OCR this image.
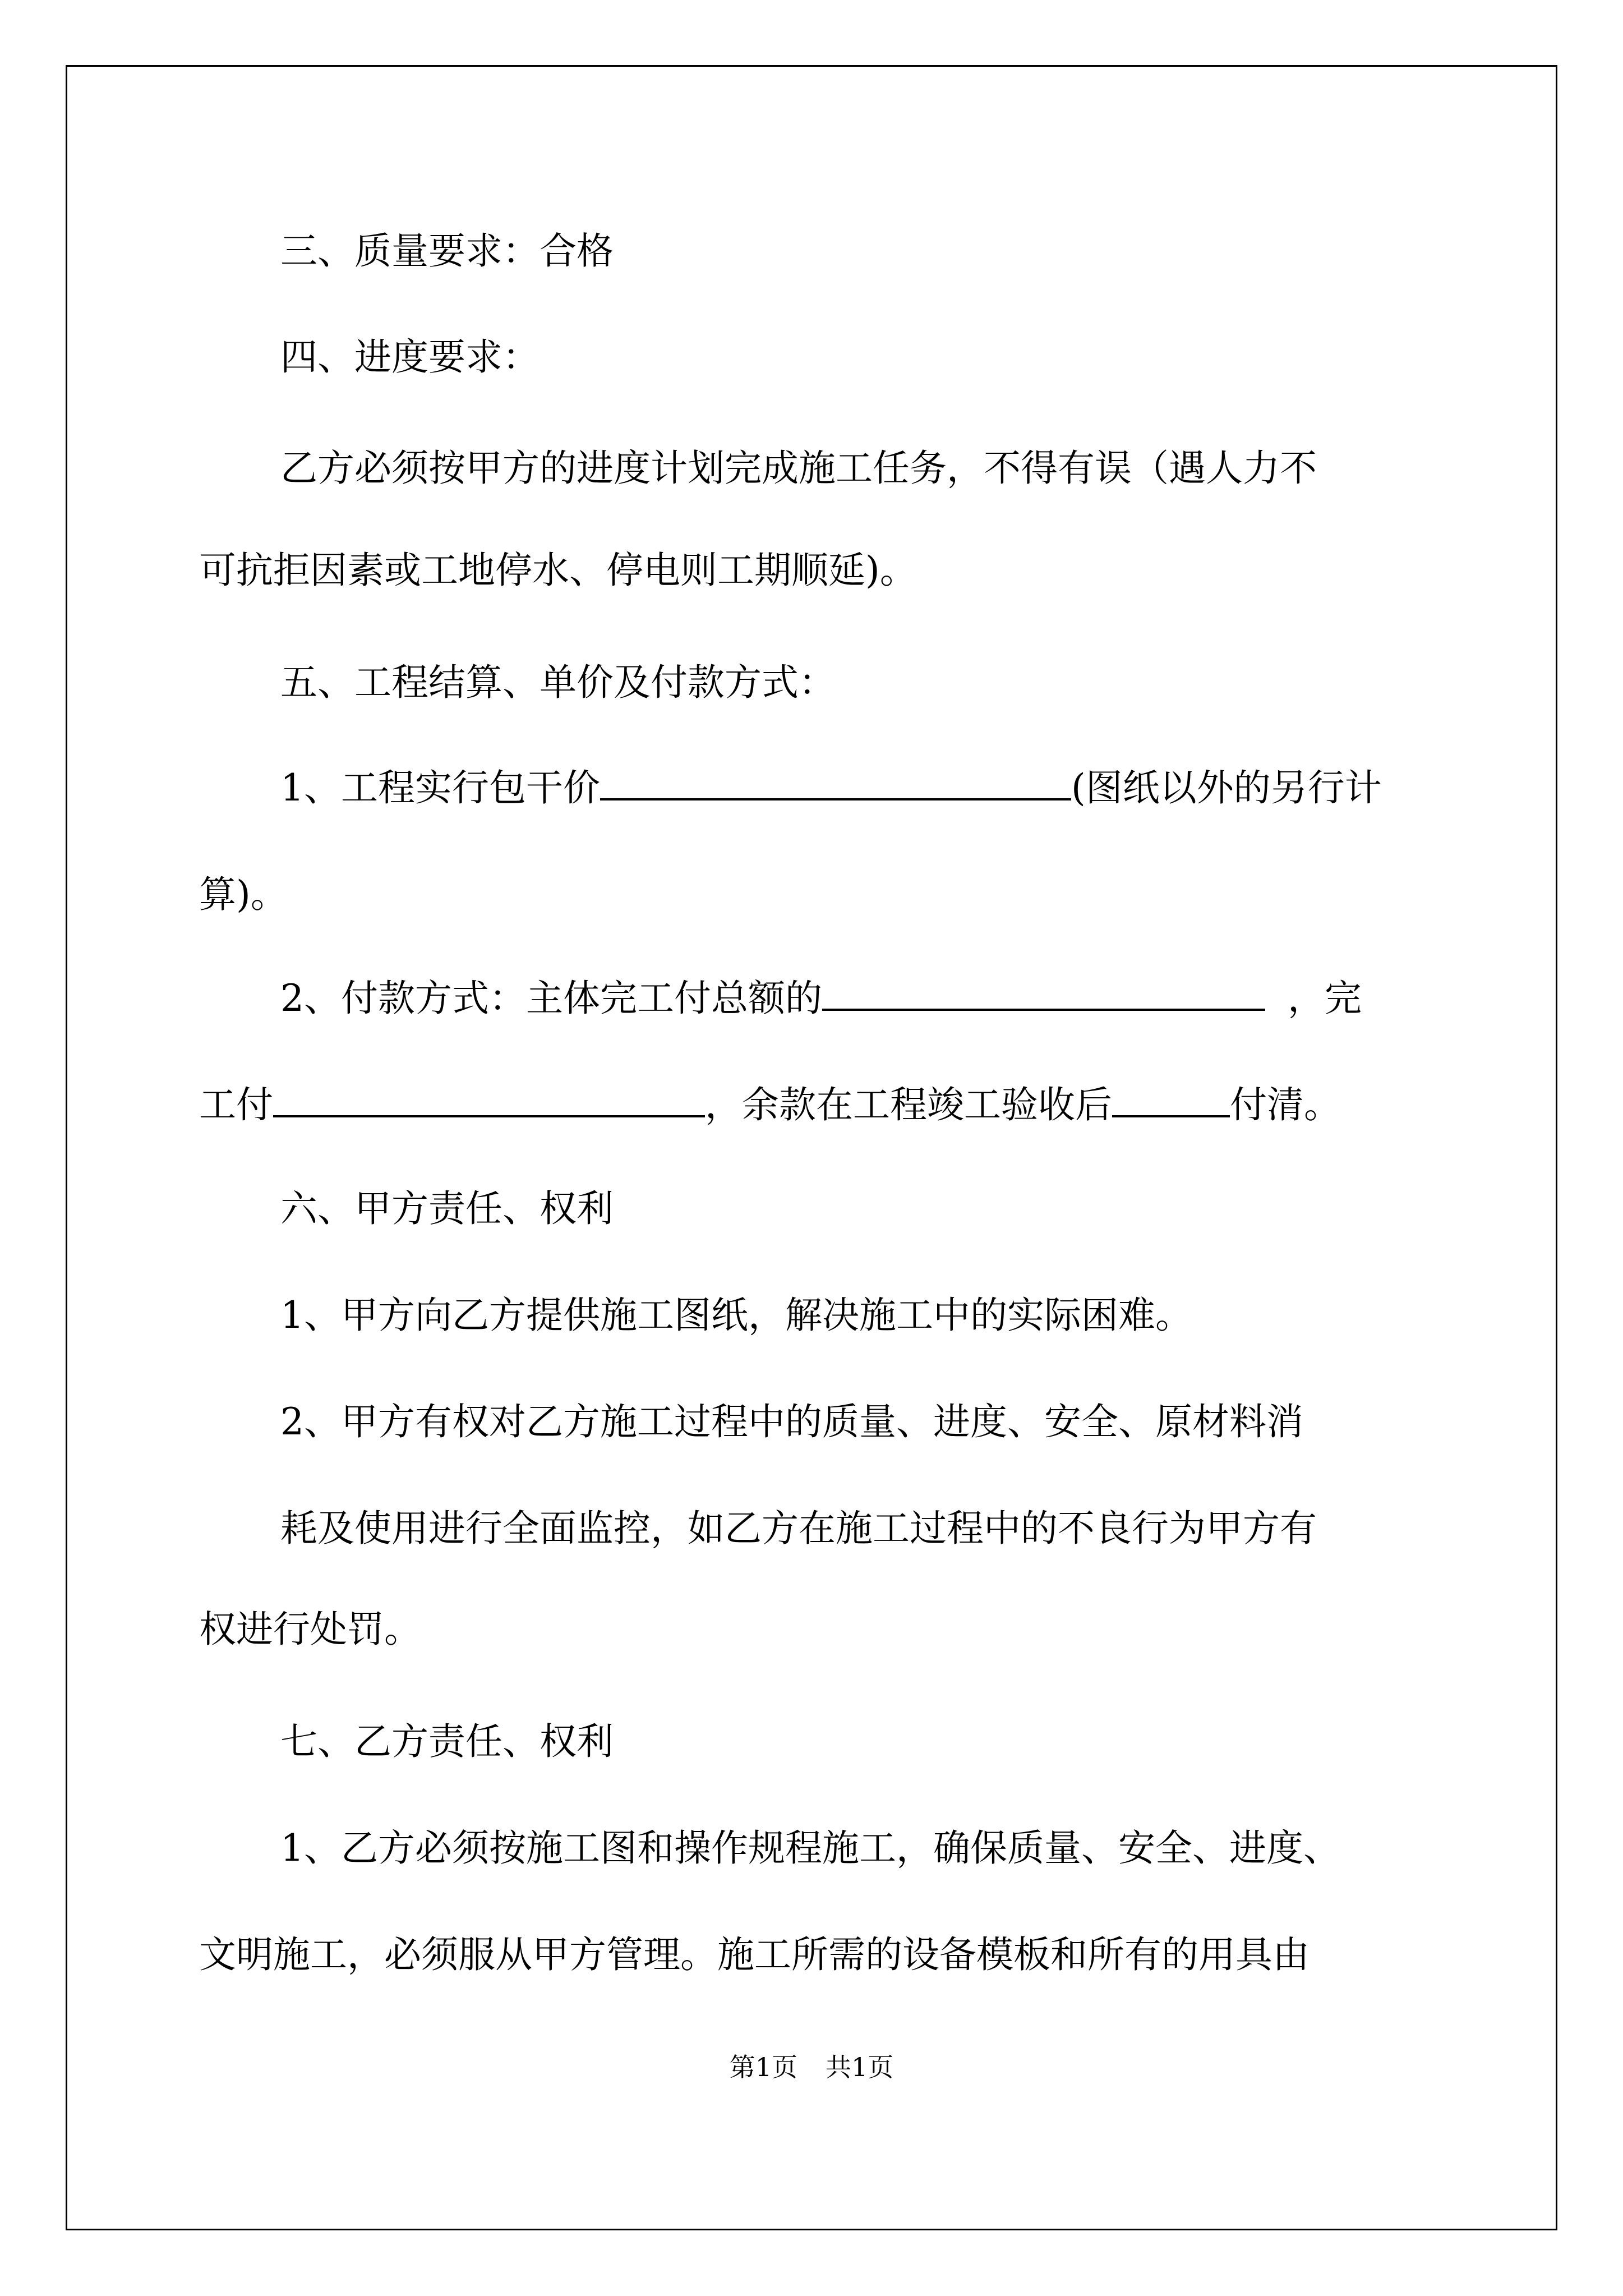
三、质量要求：合格
四、进度要求：
乙方必须按甲方的进度计划完成施工任务，不得有误（遇人力不
可抗拒因素或工地停水、停电则工期顺延)。
五、工程结算、单价及付款方式：
1、工程实行包干价	(图纸以外的另行计
算)。
2、付款方式：主体完工付总额的	，完
工付	，余款在工程竣工验收后	付清。
六、甲方责任、权利
1、甲方向乙方提供施工图纸，解决施工中的实际困难。
2、甲方有权对乙方施工过程中的质量、进度、安全、原材料消
耗及使用进行全面监控，如乙方在施工过程中的不良行为甲方有
权进行处罚。
七、乙方责任、权利
1、乙方必须按施工图和操作规程施工，确保质量、安全、进度、
文明施工，必须服从甲方管理。施工所需的设备模板和所有的用具由
第1页 共1页
